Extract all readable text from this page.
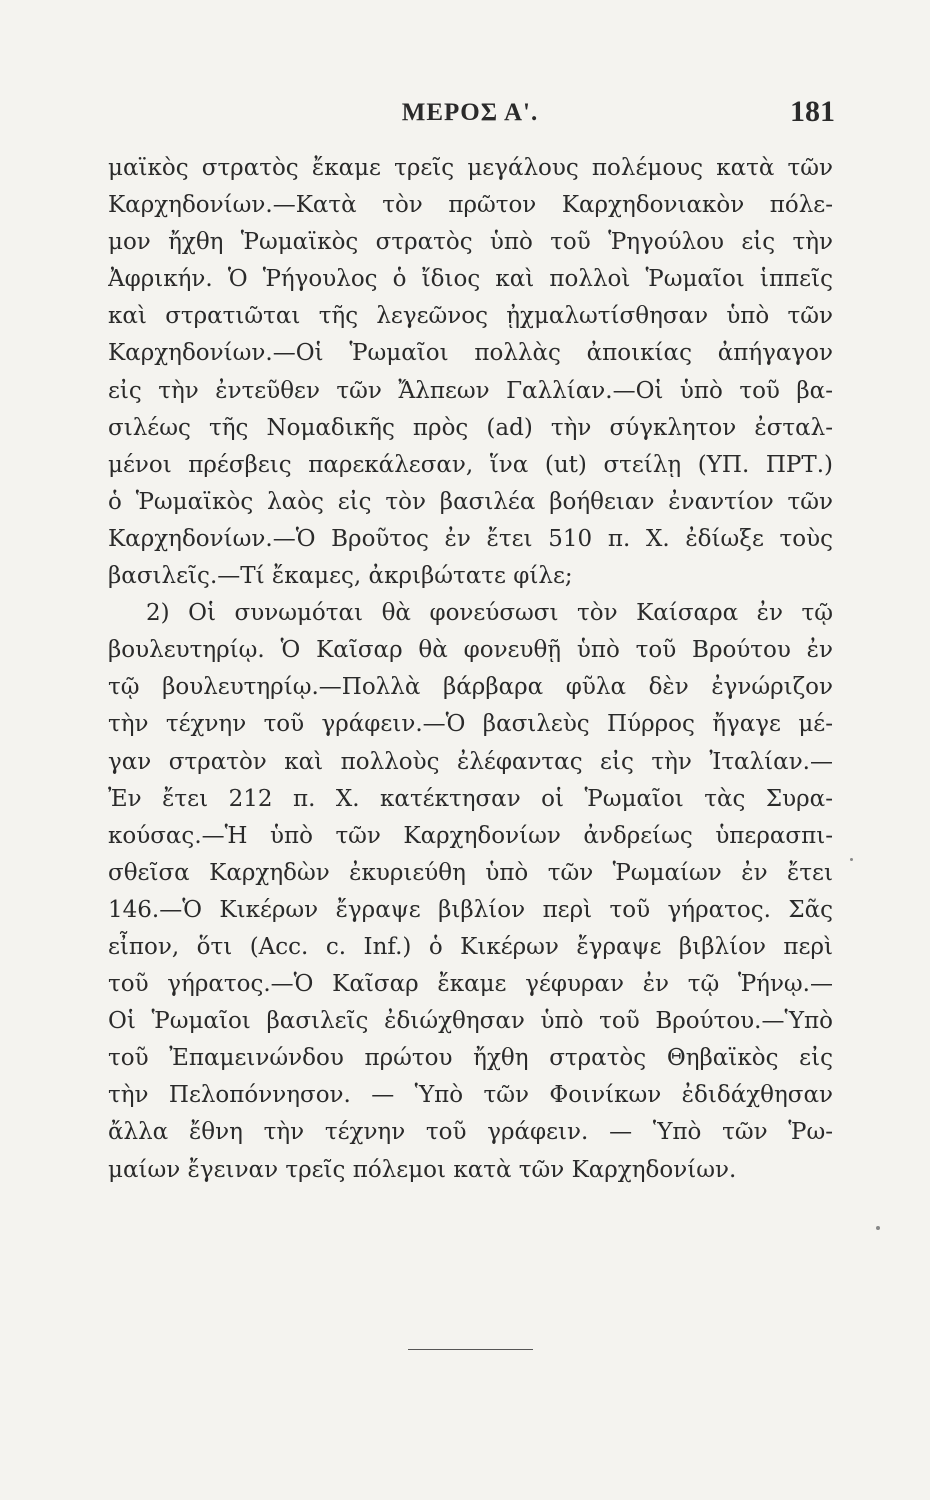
ΜΕΡΟΣ Α'.	181
μαϊκὸς στρατὸς ἔκαμε τρεῖς μεγάλους πολέμους κατὰ τῶν
Καρχηδονίων.—Κατὰ τὸν πρῶτον Καρχηδονιακὸν πόλε-
μον ἤχθη Ῥωμαϊκὸς στρατὸς ὑπὸ τοῦ Ῥηγούλου εἰς τὴν
Ἀφρικήν. Ὁ Ῥήγουλος ὁ ἴδιος καὶ πολλοὶ Ῥωμαῖοι ἱππεῖς
καὶ στρατιῶται τῆς λεγεῶνος ᾐχμαλωτίσθησαν ὑπὸ τῶν
Καρχηδονίων.—Οἱ Ῥωμαῖοι πολλὰς ἀποικίας ἀπήγαγον
εἰς τὴν ἐντεῦθεν τῶν Ἄλπεων Γαλλίαν.—Οἱ ὑπὸ τοῦ βα-
σιλέως τῆς Νομαδικῆς πρὸς (ad) τὴν σύγκλητον ἐσταλ-
μένοι πρέσβεις παρεκάλεσαν, ἵνα (ut) στείλῃ (ΥΠ. ΠΡΤ.)
ὁ Ῥωμαϊκὸς λαὸς εἰς τὸν βασιλέα βοήθειαν ἐναντίον τῶν
Καρχηδονίων.—Ὁ Βροῦτος ἐν ἔτει 510 π. Χ. ἐδίωξε τοὺς
βασιλεῖς.—Τί ἔκαμες, ἀκριβώτατε φίλε;
2) Οἱ συνωμόται θὰ φονεύσωσι τὸν Καίσαρα ἐν τῷ
βουλευτηρίῳ. Ὁ Καῖσαρ θὰ φονευθῇ ὑπὸ τοῦ Βρούτου ἐν
τῷ βουλευτηρίῳ.—Πολλὰ βάρβαρα φῦλα δὲν ἐγνώριζον
τὴν τέχνην τοῦ γράφειν.—Ὁ βασιλεὺς Πύρρος ἤγαγε μέ-
γαν στρατὸν καὶ πολλοὺς ἐλέφαντας εἰς τὴν Ἰταλίαν.—
Ἐν ἔτει 212 π. Χ. κατέκτησαν οἱ Ῥωμαῖοι τὰς Συρα-
κούσας.—Ἡ ὑπὸ τῶν Καρχηδονίων ἀνδρείως ὑπερασπι-
σθεῖσα Καρχηδὼν ἐκυριεύθη ὑπὸ τῶν Ῥωμαίων ἐν ἔτει
146.—Ὁ Κικέρων ἔγραψε βιβλίον περὶ τοῦ γήρατος. Σᾶς
εἶπον, ὅτι (Acc. c. Inf.) ὁ Κικέρων ἔγραψε βιβλίον περὶ
τοῦ γήρατος.—Ὁ Καῖσαρ ἔκαμε γέφυραν ἐν τῷ Ῥήνῳ.—
Οἱ Ῥωμαῖοι βασιλεῖς ἐδιώχθησαν ὑπὸ τοῦ Βρούτου.—Ὑπὸ
τοῦ Ἐπαμεινώνδου πρώτου ἤχθη στρατὸς Θηβαϊκὸς εἰς
τὴν Πελοπόννησον. — Ὑπὸ τῶν Φοινίκων ἐδιδάχθησαν
ἄλλα ἔθνη τὴν τέχνην τοῦ γράφειν. — Ὑπὸ τῶν Ῥω-
μαίων ἔγειναν τρεῖς πόλεμοι κατὰ τῶν Καρχηδονίων.
